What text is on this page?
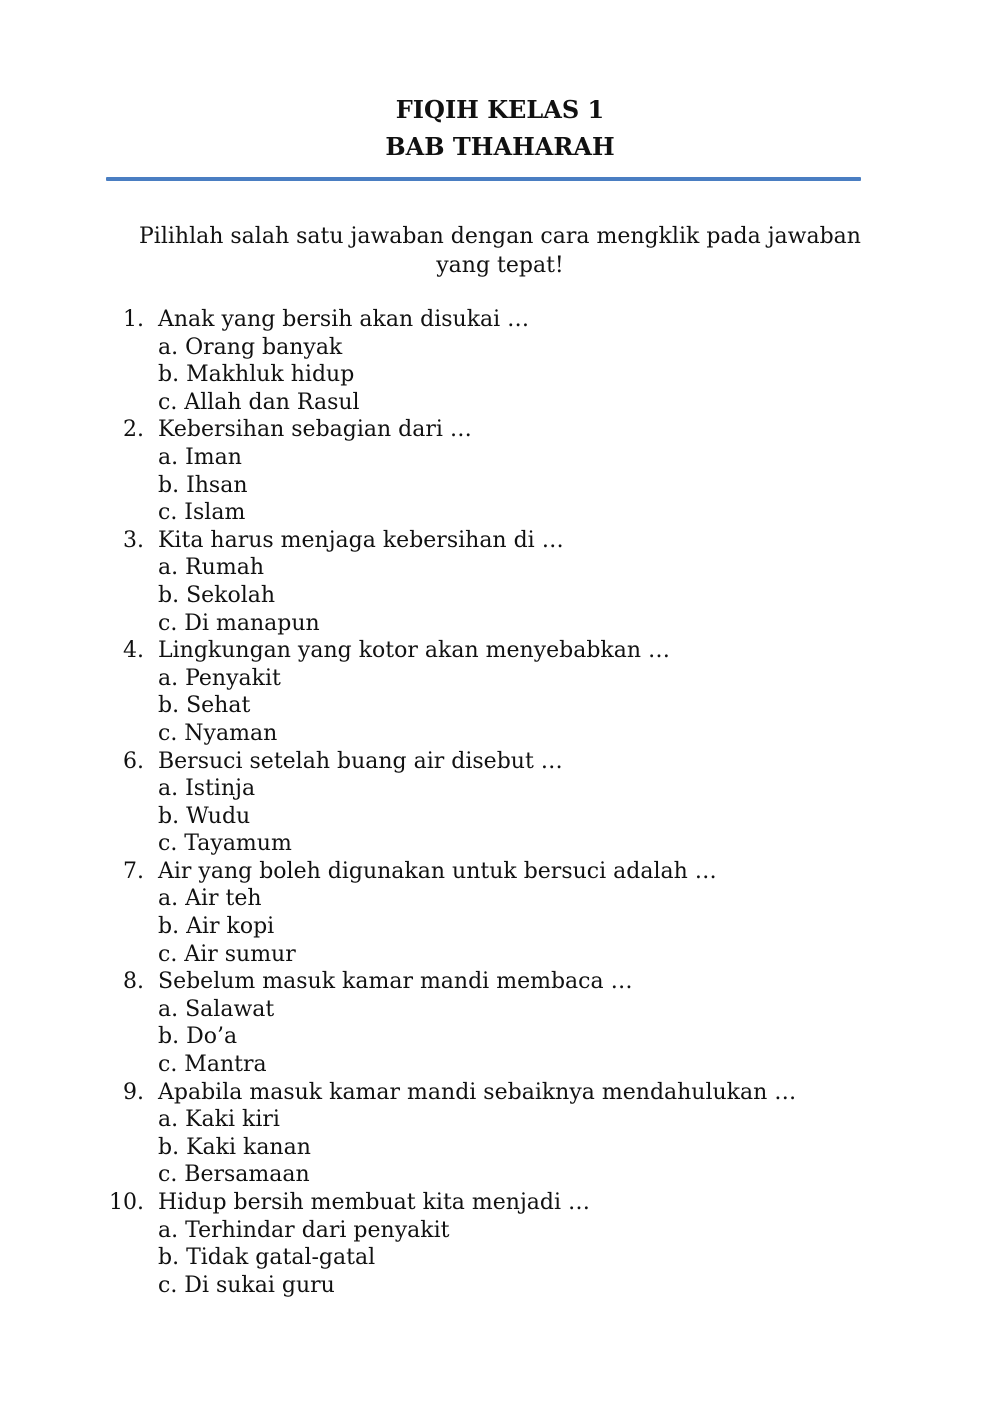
FIQIH KELAS 1
BAB THAHARAH

Pilihlah salah satu jawaban dengan cara mengklik pada jawaban yang tepat!

1. Anak yang bersih akan disukai …
a. Orang banyak
b. Makhluk hidup
c. Allah dan Rasul
2. Kebersihan sebagian dari …
a. Iman
b. Ihsan
c. Islam
3. Kita harus menjaga kebersihan di …
a. Rumah
b. Sekolah
c. Di manapun
4. Lingkungan yang kotor akan menyebabkan …
a. Penyakit
b. Sehat
c. Nyaman
6. Bersuci setelah buang air disebut …
a. Istinja
b. Wudu
c. Tayamum
7. Air yang boleh digunakan untuk bersuci adalah …
a. Air teh
b. Air kopi
c. Air sumur
8. Sebelum masuk kamar mandi membaca …
a. Salawat
b. Do’a
c. Mantra
9. Apabila masuk kamar mandi sebaiknya mendahulukan …
a. Kaki kiri
b. Kaki kanan
c. Bersamaan
10. Hidup bersih membuat kita menjadi …
a. Terhindar dari penyakit
b. Tidak gatal-gatal
c. Di sukai guru
